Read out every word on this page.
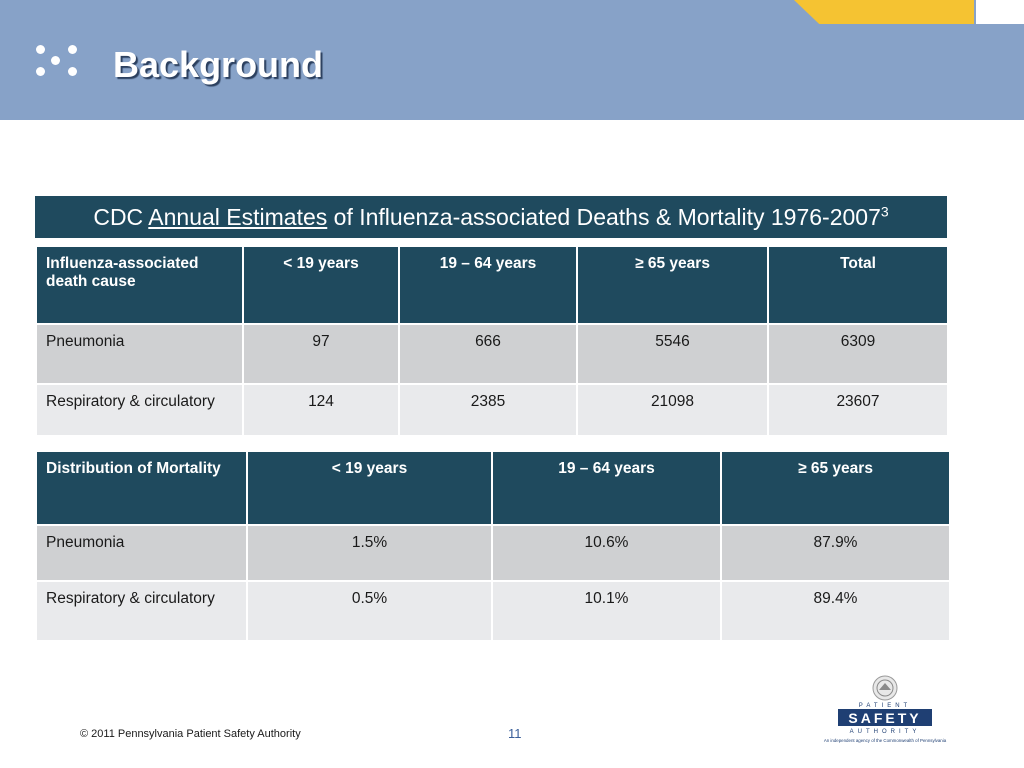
Background
CDC Annual Estimates of Influenza-associated Deaths & Mortality 1976-2007$^3$
Influenza-associated death cause	< 19 years	19 – 64 years	≥ 65 years	Total
Pneumonia	97	666	5546	6309
Respiratory & circulatory	124	2385	21098	23607
Distribution of Mortality	< 19 years	19 – 64 years	≥ 65 years
Pneumonia	1.5%	10.6%	87.9%
Respiratory & circulatory	0.5%	10.1%	89.4%
© 2011 Pennsylvania Patient Safety Authority	11
PATIENT
SAFETY
AUTHORITY
An independent agency of the Commonwealth of Pennsylvania
